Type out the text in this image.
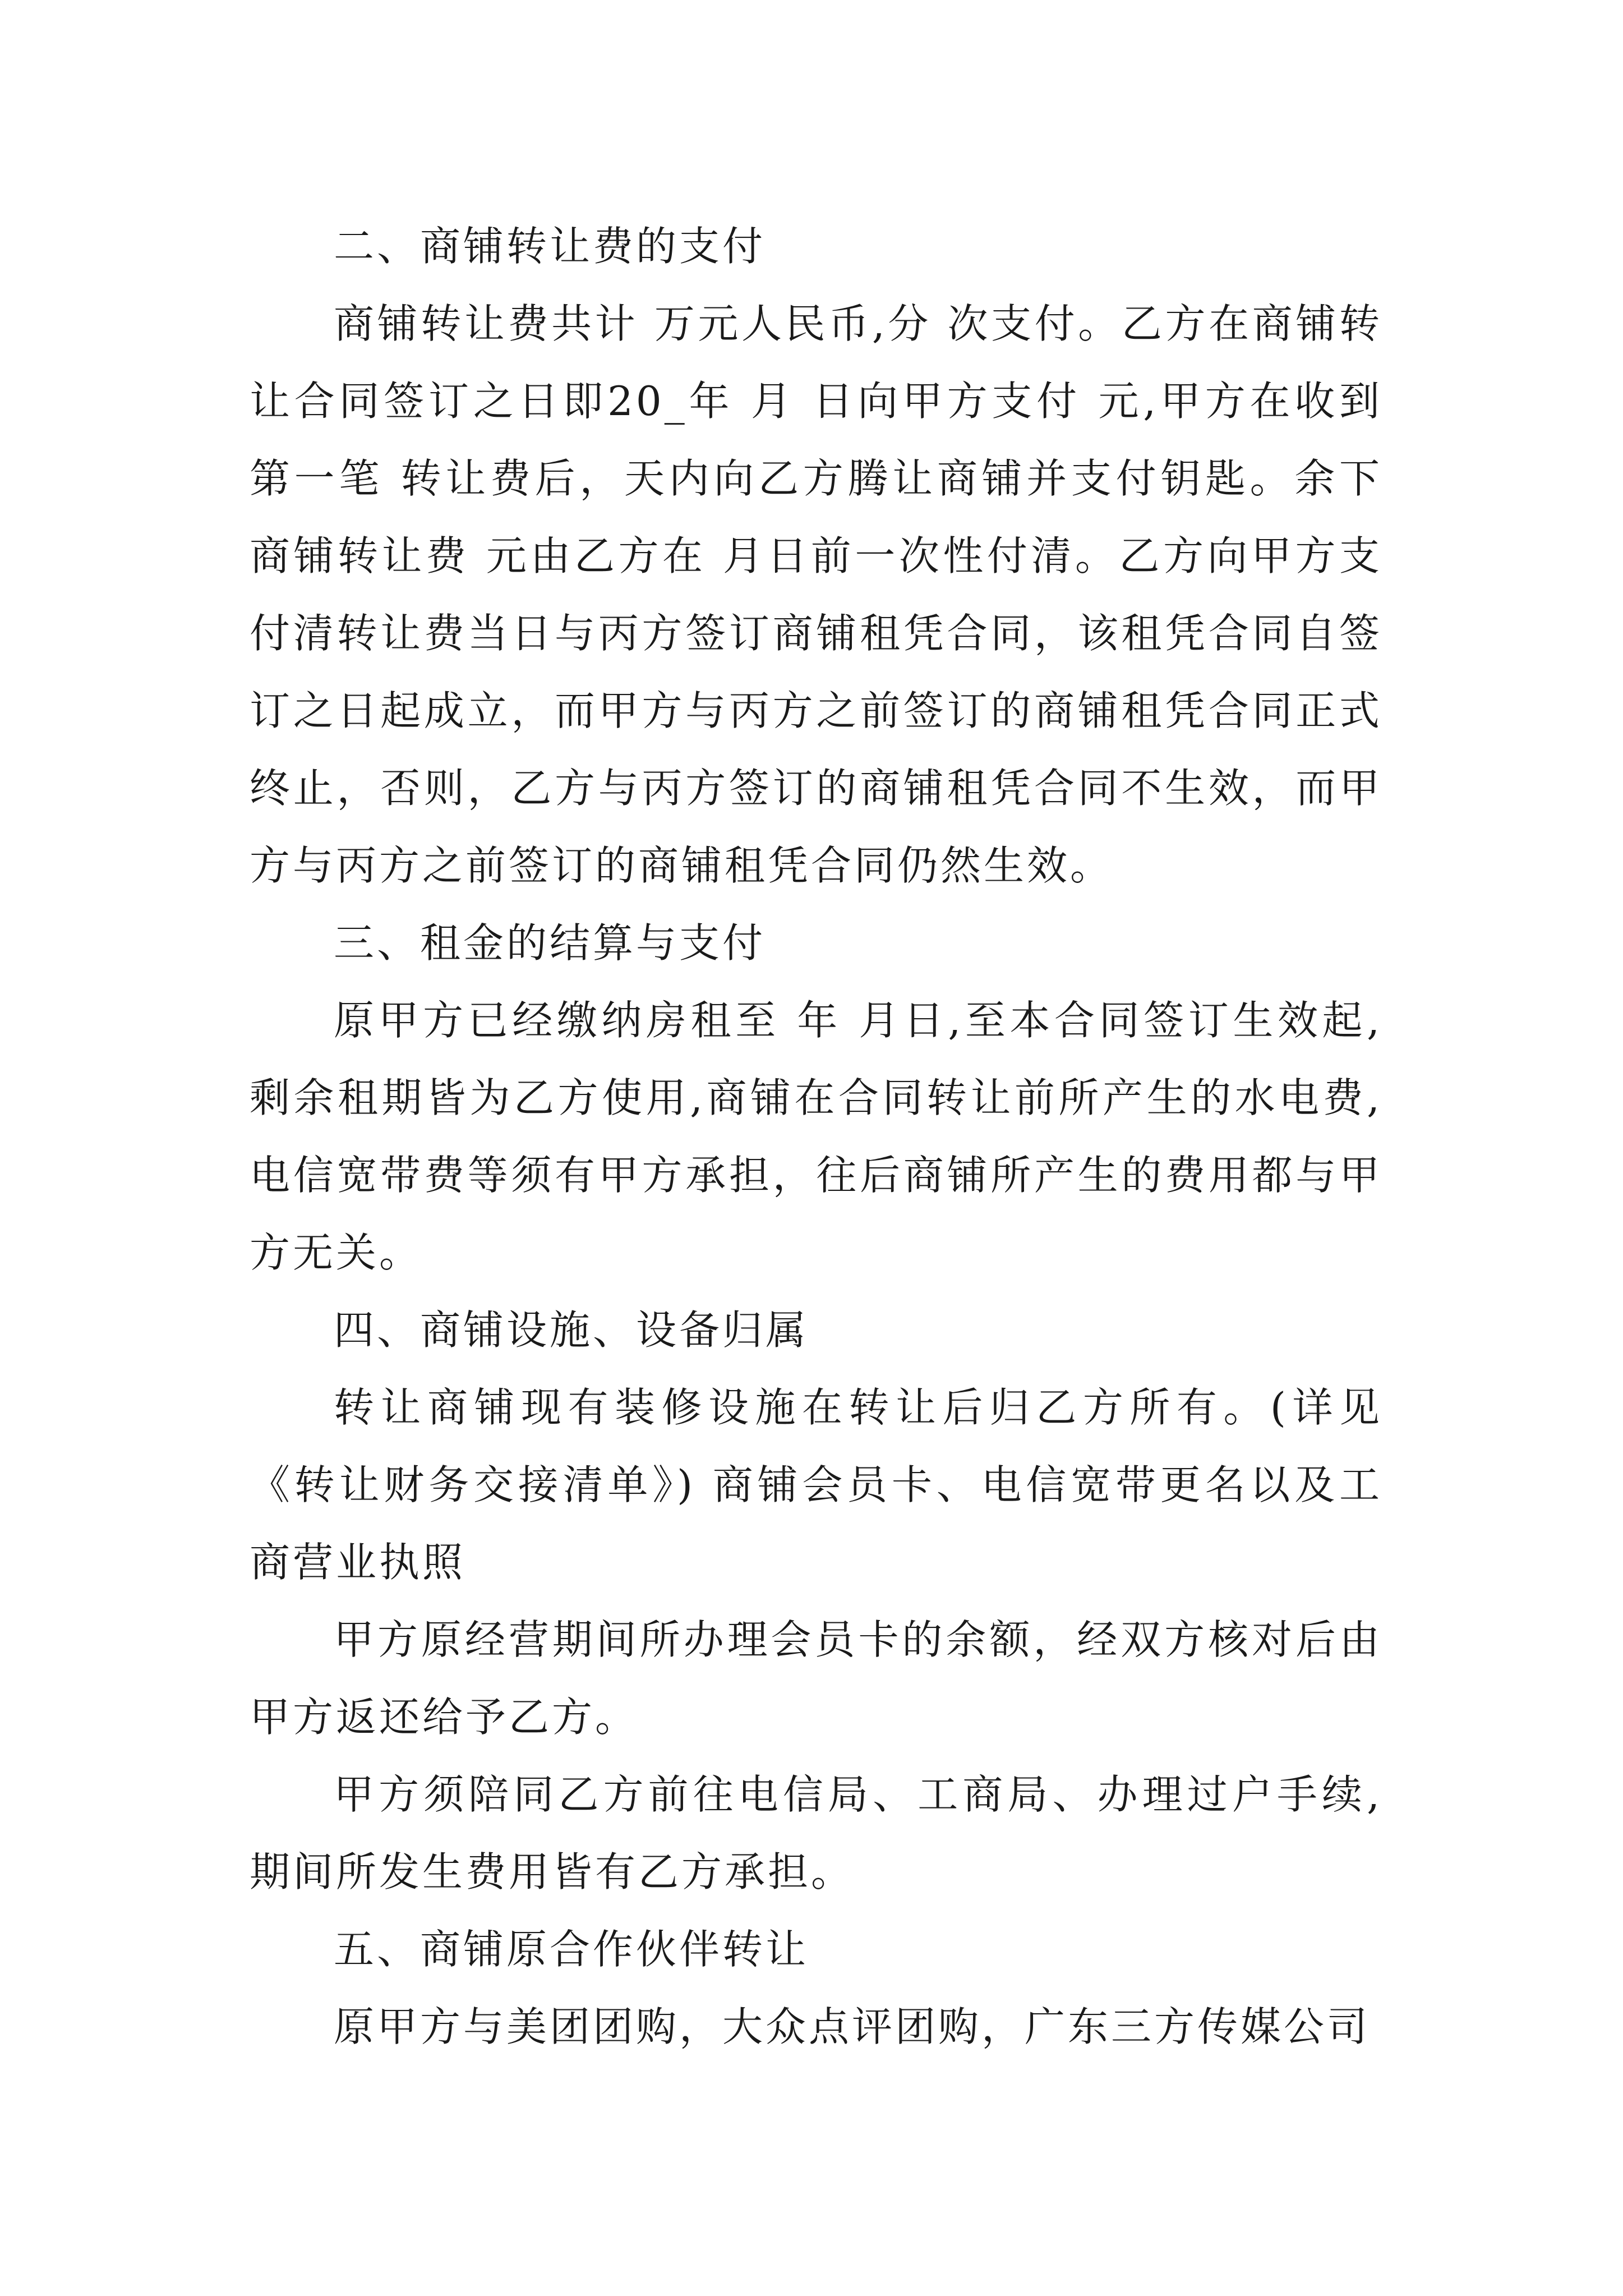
二、商铺转让费的支付

商铺转让费共计 万元人民币,分 次支付。乙方在商铺转让合同签订之日即20_年 月 日向甲方支付 元,甲方在收到第一笔 转让费后，天内向乙方腾让商铺并支付钥匙。余下商铺转让费 元由乙方在 月日前一次性付清。乙方向甲方支付清转让费当日与丙方签订商铺租凭合同，该租凭合同自签订之日起成立，而甲方与丙方之前签订的商铺租凭合同正式终止，否则，乙方与丙方签订的商铺租凭合同不生效，而甲方与丙方之前签订的商铺租凭合同仍然生效。

三、租金的结算与支付

原甲方已经缴纳房租至 年 月日,至本合同签订生效起,剩余租期皆为乙方使用,商铺在合同转让前所产生的水电费,电信宽带费等须有甲方承担，往后商铺所产生的费用都与甲方无关。

四、商铺设施、设备归属

转让商铺现有装修设施在转让后归乙方所有。(详见《转让财务交接清单》) 商铺会员卡、电信宽带更名以及工商营业执照

甲方原经营期间所办理会员卡的余额，经双方核对后由甲方返还给予乙方。

甲方须陪同乙方前往电信局、工商局、办理过户手续,期间所发生费用皆有乙方承担。

五、商铺原合作伙伴转让

原甲方与美团团购，大众点评团购，广东三方传媒公司
